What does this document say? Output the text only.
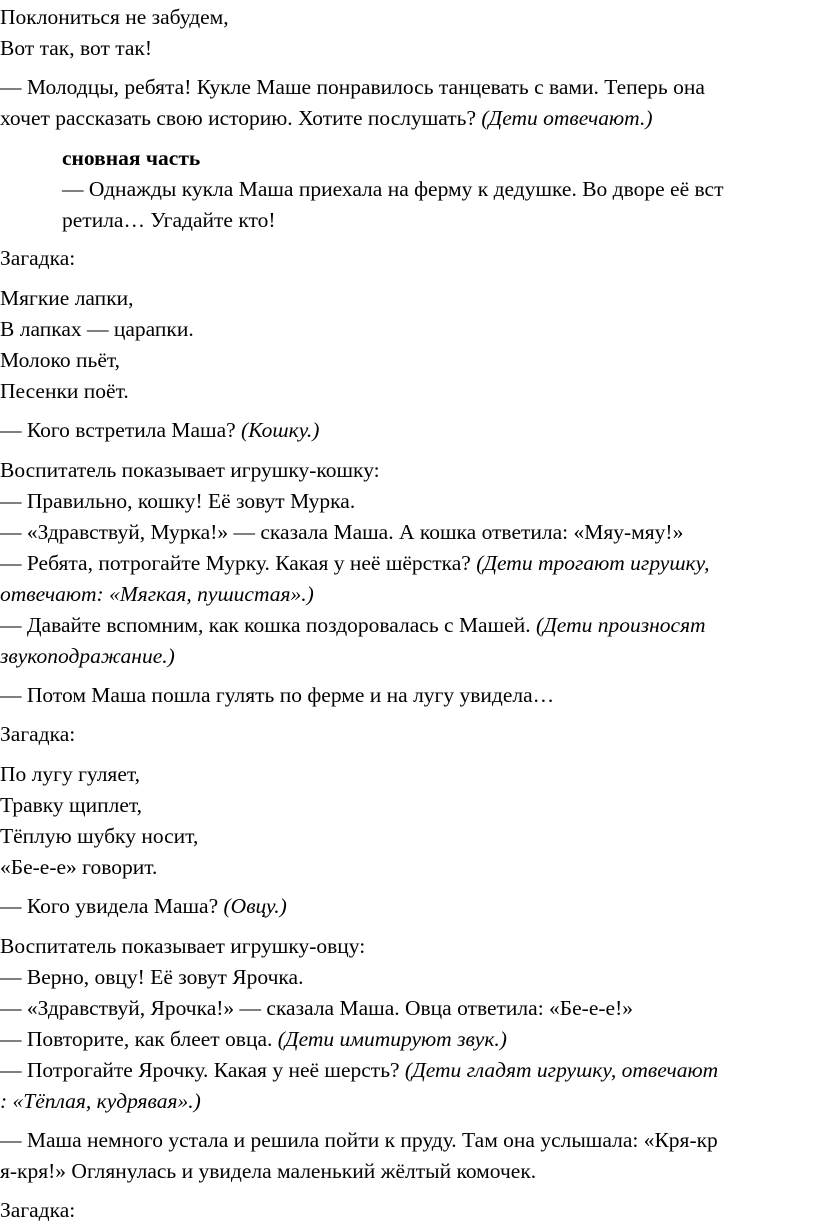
Поклониться не забудем,

Вот так, вот так!

— Молодцы, ребята! Кукле Маше понравилось танцевать с вами. Теперь она

хочет рассказать свою историю. Хотите послушать? (Дети отвечают.)

сновная часть

— Однажды кукла Маша приехала на ферму к дедушке. Во дворе её вст

ретила… Угадайте кто!

Загадка:

Мягкие лапки,

В лапках — царапки.

Молоко пьёт,

Песенки поёт.

— Кого встретила Маша? (Кошку.)

Воспитатель показывает игрушку-кошку:

— Правильно, кошку! Её зовут Мурка.

— «Здравствуй, Мурка!» — сказала Маша. А кошка ответила: «Мяу-мяу!»

— Ребята, потрогайте Мурку. Какая у неё шёрстка? (Дети трогают игрушку,

отвечают: «Мягкая, пушистая».)

— Давайте вспомним, как кошка поздоровалась с Машей. (Дети произносят

звукоподражание.)

— Потом Маша пошла гулять по ферме и на лугу увидела…

Загадка:

По лугу гуляет,

Травку щиплет,

Тёплую шубку носит,

«Бе-е-е» говорит.

— Кого увидела Маша? (Овцу.)

Воспитатель показывает игрушку-овцу:

— Верно, овцу! Её зовут Ярочка.

— «Здравствуй, Ярочка!» — сказала Маша. Овца ответила: «Бе-е-е!»

— Повторите, как блеет овца. (Дети имитируют звук.)

— Потрогайте Ярочку. Какая у неё шерсть? (Дети гладят игрушку, отвечают

: «Тёплая, кудрявая».)

— Маша немного устала и решила пойти к пруду. Там она услышала: «Кря-кр

я-кря!» Оглянулась и увидела маленький жёлтый комочек.

Загадка:
